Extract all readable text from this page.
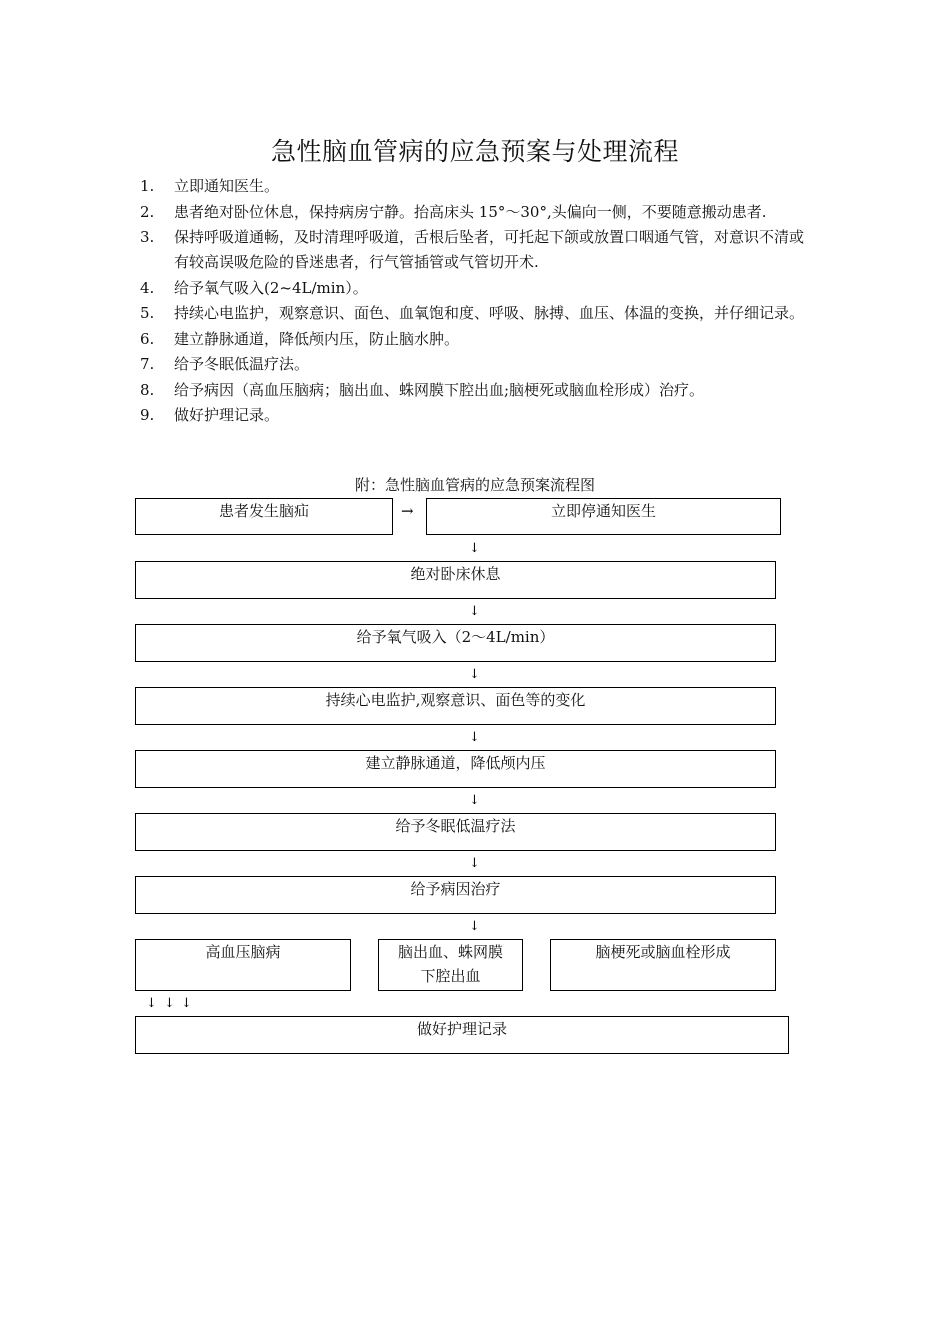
急性脑血管病的应急预案与处理流程
1. 立即通知医生。
2. 患者绝对卧位休息，保持病房宁静。抬高床头 15°～30°,头偏向一侧，不要随意搬动患者.
3. 保持呼吸道通畅，及时清理呼吸道，舌根后坠者，可托起下颌或放置口咽通气管，对意识不清或有较高误吸危险的昏迷患者，行气管插管或气管切开术.
4. 给予氧气吸入(2~4L/min）。
5. 持续心电监护，观察意识、面色、血氧饱和度、呼吸、脉搏、血压、体温的变换，并仔细记录。
6. 建立静脉通道，降低颅内压，防止脑水肿。
7. 给予冬眠低温疗法。
8. 给予病因（高血压脑病；脑出血、蛛网膜下腔出血;脑梗死或脑血栓形成）治疗。
9. 做好护理记录。
附：急性脑血管病的应急预案流程图
患者发生脑疝	→	立即停通知医生
↓
绝对卧床休息
↓
给予氧气吸入（2～4L/min）
↓
持续心电监护,观察意识、面色等的变化
↓
建立静脉通道，降低颅内压
↓
给予冬眠低温疗法
↓
给予病因治疗
↓
高血压脑病	脑出血、蛛网膜
下腔出血
脑梗死或脑血栓形成
↓ ↓ ↓
做好护理记录
